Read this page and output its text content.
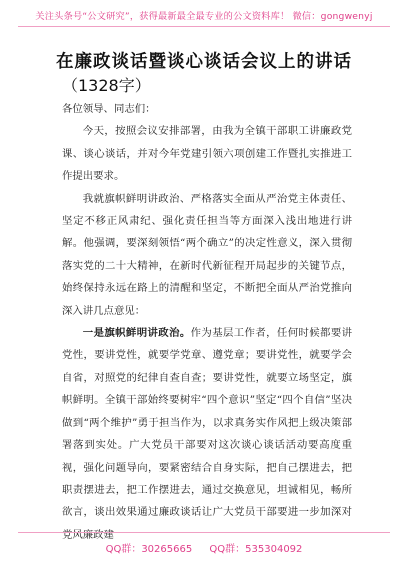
关注头条号“公文研究”，获得最新最全最专业的公文资料库！ 微信：gongwenyj
在廉政谈话暨谈心谈话会议上的讲话
（1328字）

各位领导、同志们：

今天，按照会议安排部署，由我为全镇干部职工讲廉政党课、谈心谈话，并对今年党建引领六项创建工作暨扎实推进工作提出要求。

我就旗帜鲜明讲政治、严格落实全面从严治党主体责任、坚定不移正风肃纪、强化责任担当等方面深入浅出地进行讲解。他强调，要深刻领悟“两个确立”的决定性意义，深入贯彻落实党的二十大精神，在新时代新征程开局起步的关键节点，始终保持永远在路上的清醒和坚定，不断把全面从严治党推向深入讲几点意见：

一是旗帜鲜明讲政治。作为基层工作者，任何时候都要讲党性，要讲党性，就要学党章、遵党章；要讲党性，就要学会自省，对照党的纪律自查自查；要讲党性，就要立场坚定，旗帜鲜明。全镇干部始终要树牢“四个意识”坚定“四个自信”坚决做到“两个维护”勇于担当作为，以求真务实作风把上级决策部署落到实处。广大党员干部要对这次谈心谈话活动要高度重视，强化问题导向，要紧密结合自身实际，把自己摆进去，把职责摆进去，把工作摆进去，通过交换意见，坦诚相见，畅所欲言，谈出效果通过廉政谈话让广大党员干部要进一步加深对党风廉政建

QQ群：30265665 QQ群：535304092
